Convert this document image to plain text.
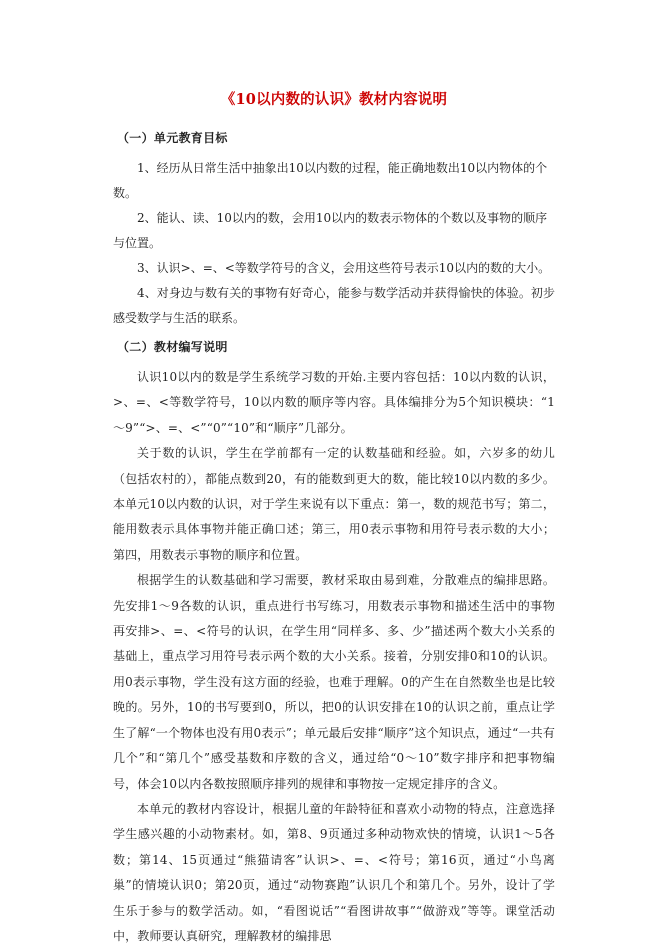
《10以内数的认识》教材内容说明
（一）单元教育目标

1、经历从日常生活中抽象出10以内数的过程，能正确地数出10以内物体的个数。

2、能认、读、10以内的数，会用10以内的数表示物体的个数以及事物的顺序与位置。

3、认识>、=、<等数学符号的含义，会用这些符号表示10以内的数的大小。

4、对身边与数有关的事物有好奇心，能参与数学活动并获得愉快的体验。初步感受数学与生活的联系。

（二）教材编写说明

认识10以内的数是学生系统学习数的开始.主要内容包括：10以内数的认识，>、=、<等数学符号，10以内数的顺序等内容。具体编排分为5个知识模块：“1～9”“>、=、<”“0”“10”和“顺序”几部分。

关于数的认识，学生在学前都有一定的认数基础和经验。如，六岁多的幼儿（包括农村的），都能点数到20，有的能数到更大的数，能比较10以内数的多少。本单元10以内数的认识，对于学生来说有以下重点：第一，数的规范书写；第二，能用数表示具体事物并能正确口述；第三，用0表示事物和用符号表示数的大小；第四，用数表示事物的顺序和位置。

根据学生的认数基础和学习需要，教材采取由易到难，分散难点的编排思路。先安排1～9各数的认识，重点进行书写练习，用数表示事物和描述生活中的事物 再安排>、=、<符号的认识，在学生用“同样多、多、少”描述两个数大小关系的基础上，重点学习用符号表示两个数的大小关系。接着，分别安排0和10的认识。用0表示事物，学生没有这方面的经验，也难于理解。0的产生在自然数坐也是比较晚的。另外，10的书写要到0，所以，把0的认识安排在10的认识之前，重点让学生了解“一个物体也没有用0表示”；单元最后安排“顺序”这个知识点，通过“一共有几个”和“第几个”感受基数和序数的含义，通过给“0～10”数字排序和把事物编号，体会10以内各数按照顺序排列的规律和事物按一定规定排序的含义。

本单元的教材内容设计，根据儿童的年龄特征和喜欢小动物的特点，注意选择学生感兴趣的小动物素材。如，第8、9页通过多种动物欢快的情境，认识1～5各数；第14、15页通过“熊猫请客”认识>、=、<符号；第16页，通过“小鸟离巢”的情境认识0；第20页，通过“动物赛跑”认识几个和第几个。另外，设计了学生乐于参与的数学活动。如，“看图说话”“看图讲故事”“做游戏”等等。课堂活动中，教师要认真研究，理解教材的编排思
